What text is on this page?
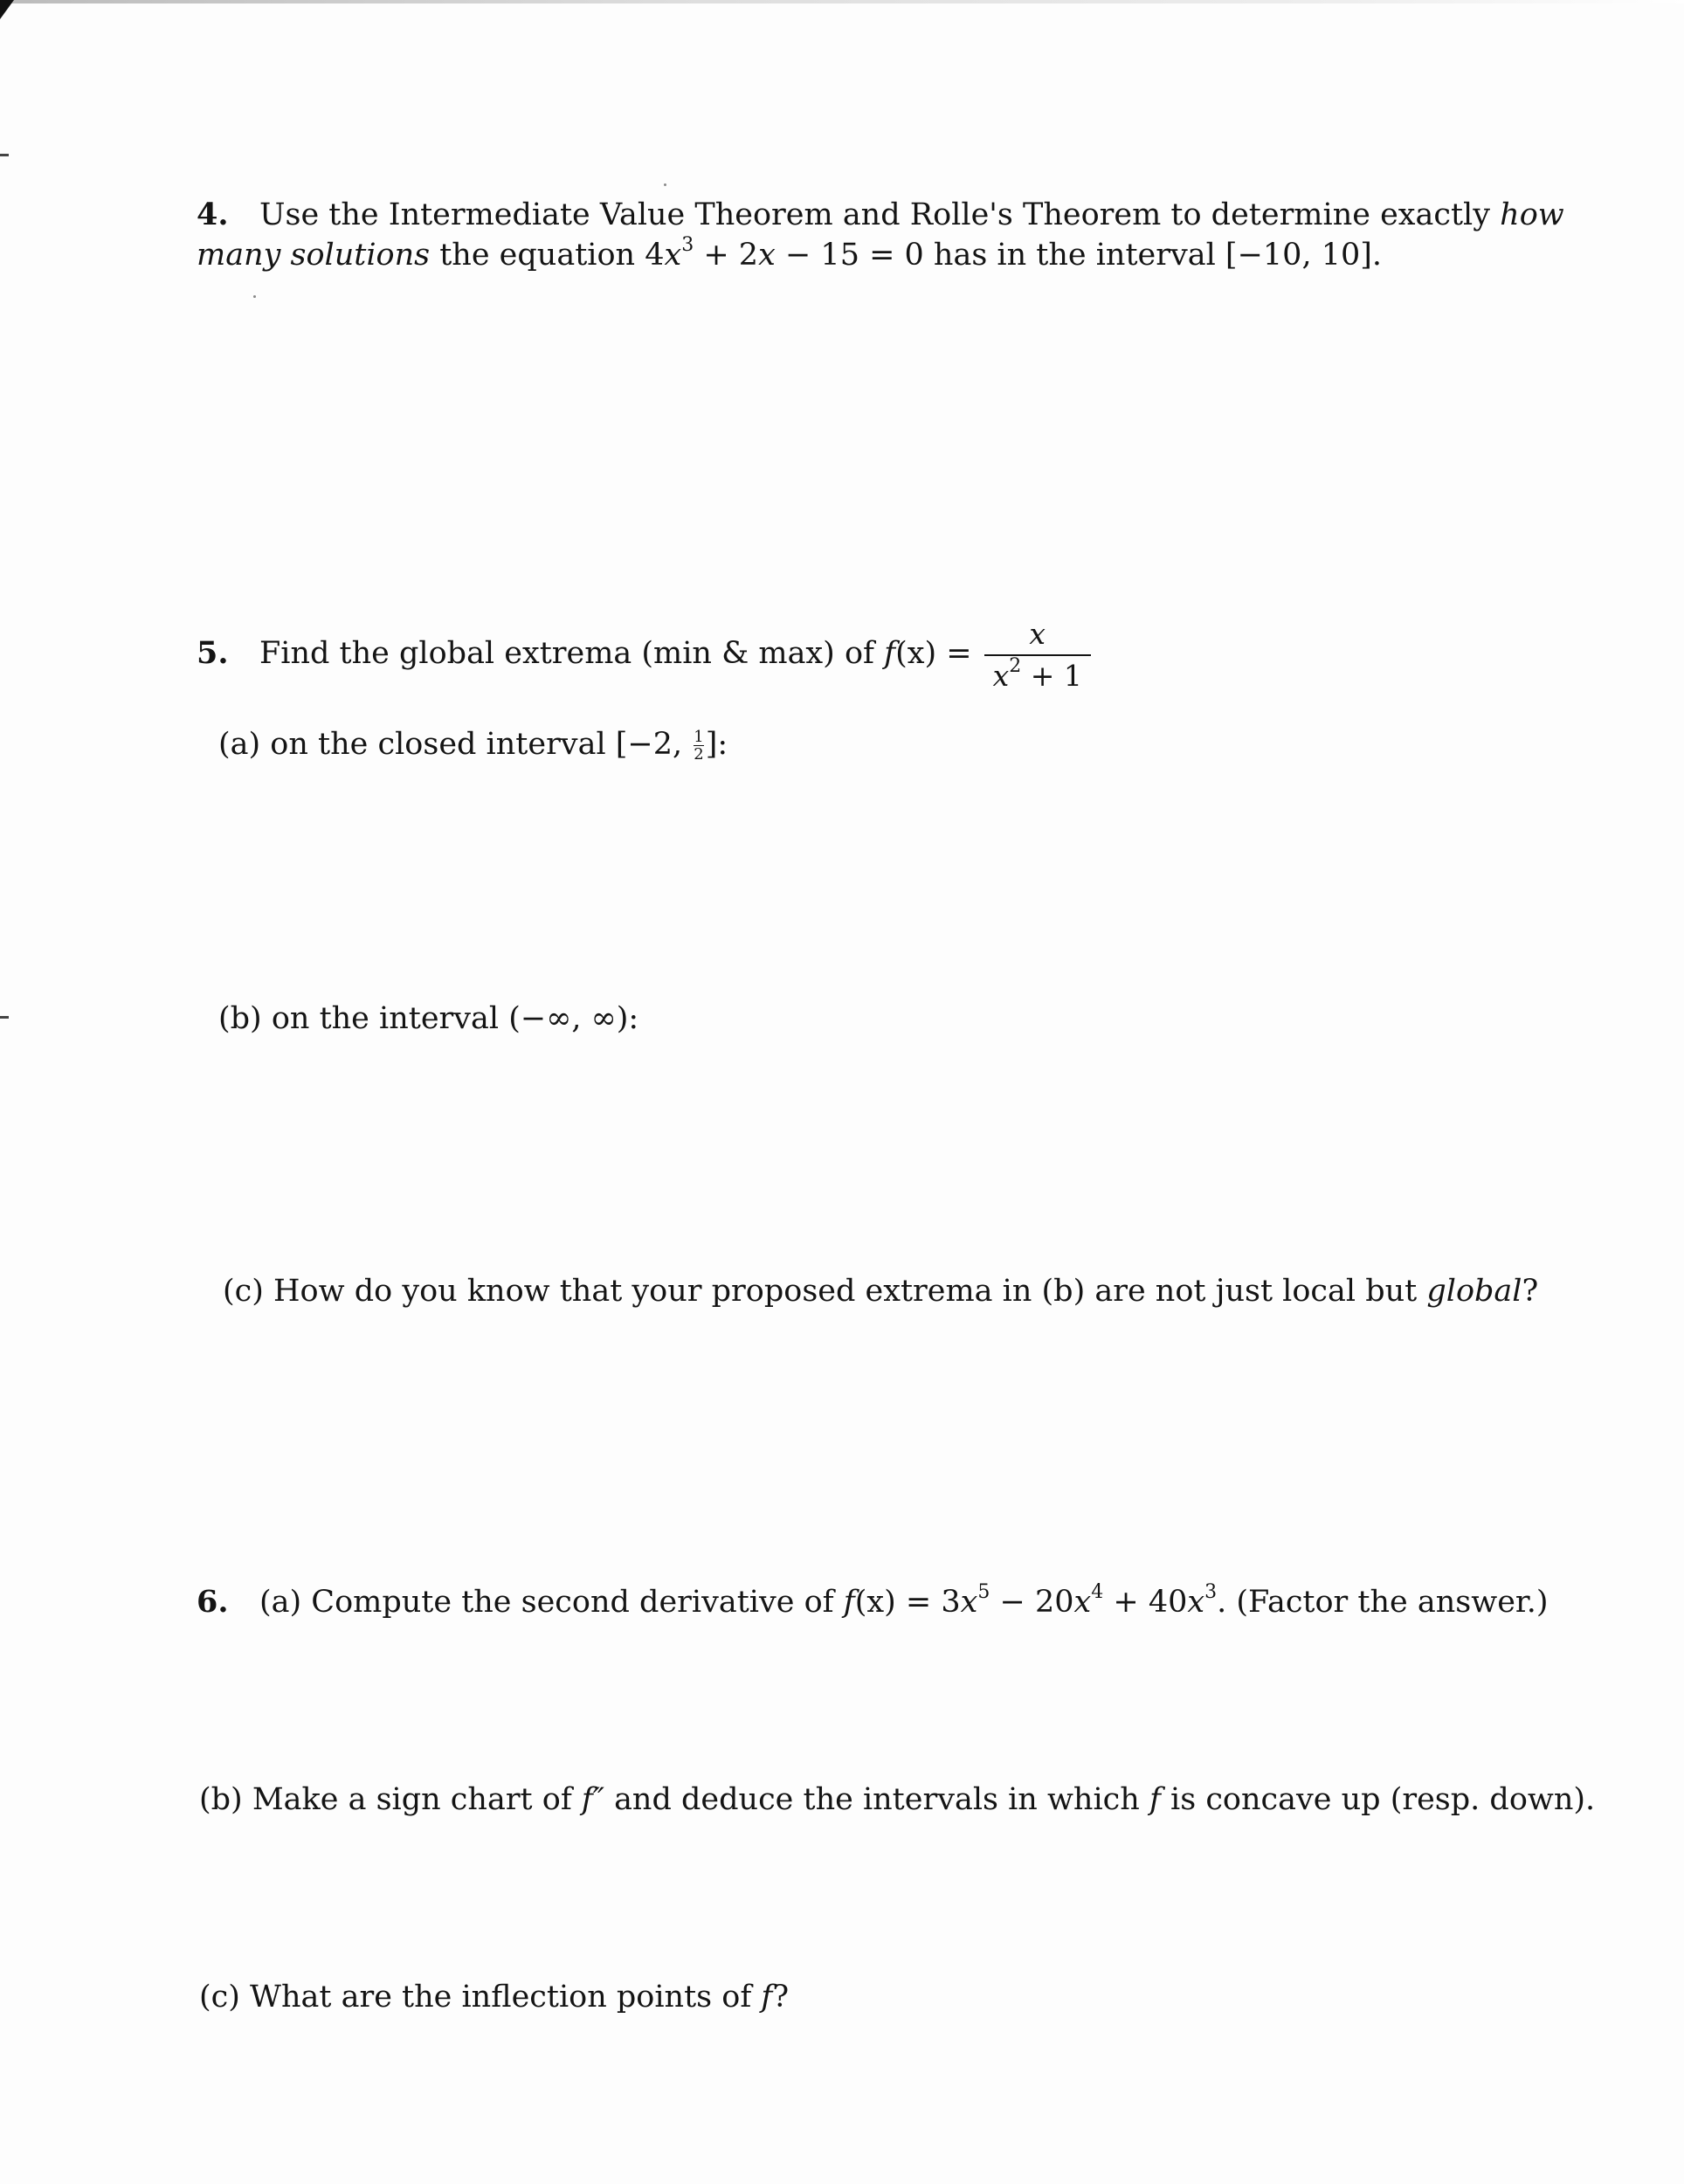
4. Use the Intermediate Value Theorem and Rolle's Theorem to determine exactly how
many solutions the equation $4x^3 + 2x - 15 = 0$ has in the interval [−10, 10].
5. Find the global extrema (min & max) of $f(x) = \frac{x}{x^2 + 1}$
(a) on the closed interval [−2, $\frac{1}{2}$]:
(b) on the interval (−∞, ∞):
(c) How do you know that your proposed extrema in (b) are not just local but global?
6. (a) Compute the second derivative of $f(x) = 3x^5 - 20x^4 + 40x^3$. (Factor the answer.)
(b) Make a sign chart of f″ and deduce the intervals in which f is concave up (resp. down).
(c) What are the inflection points of f?
